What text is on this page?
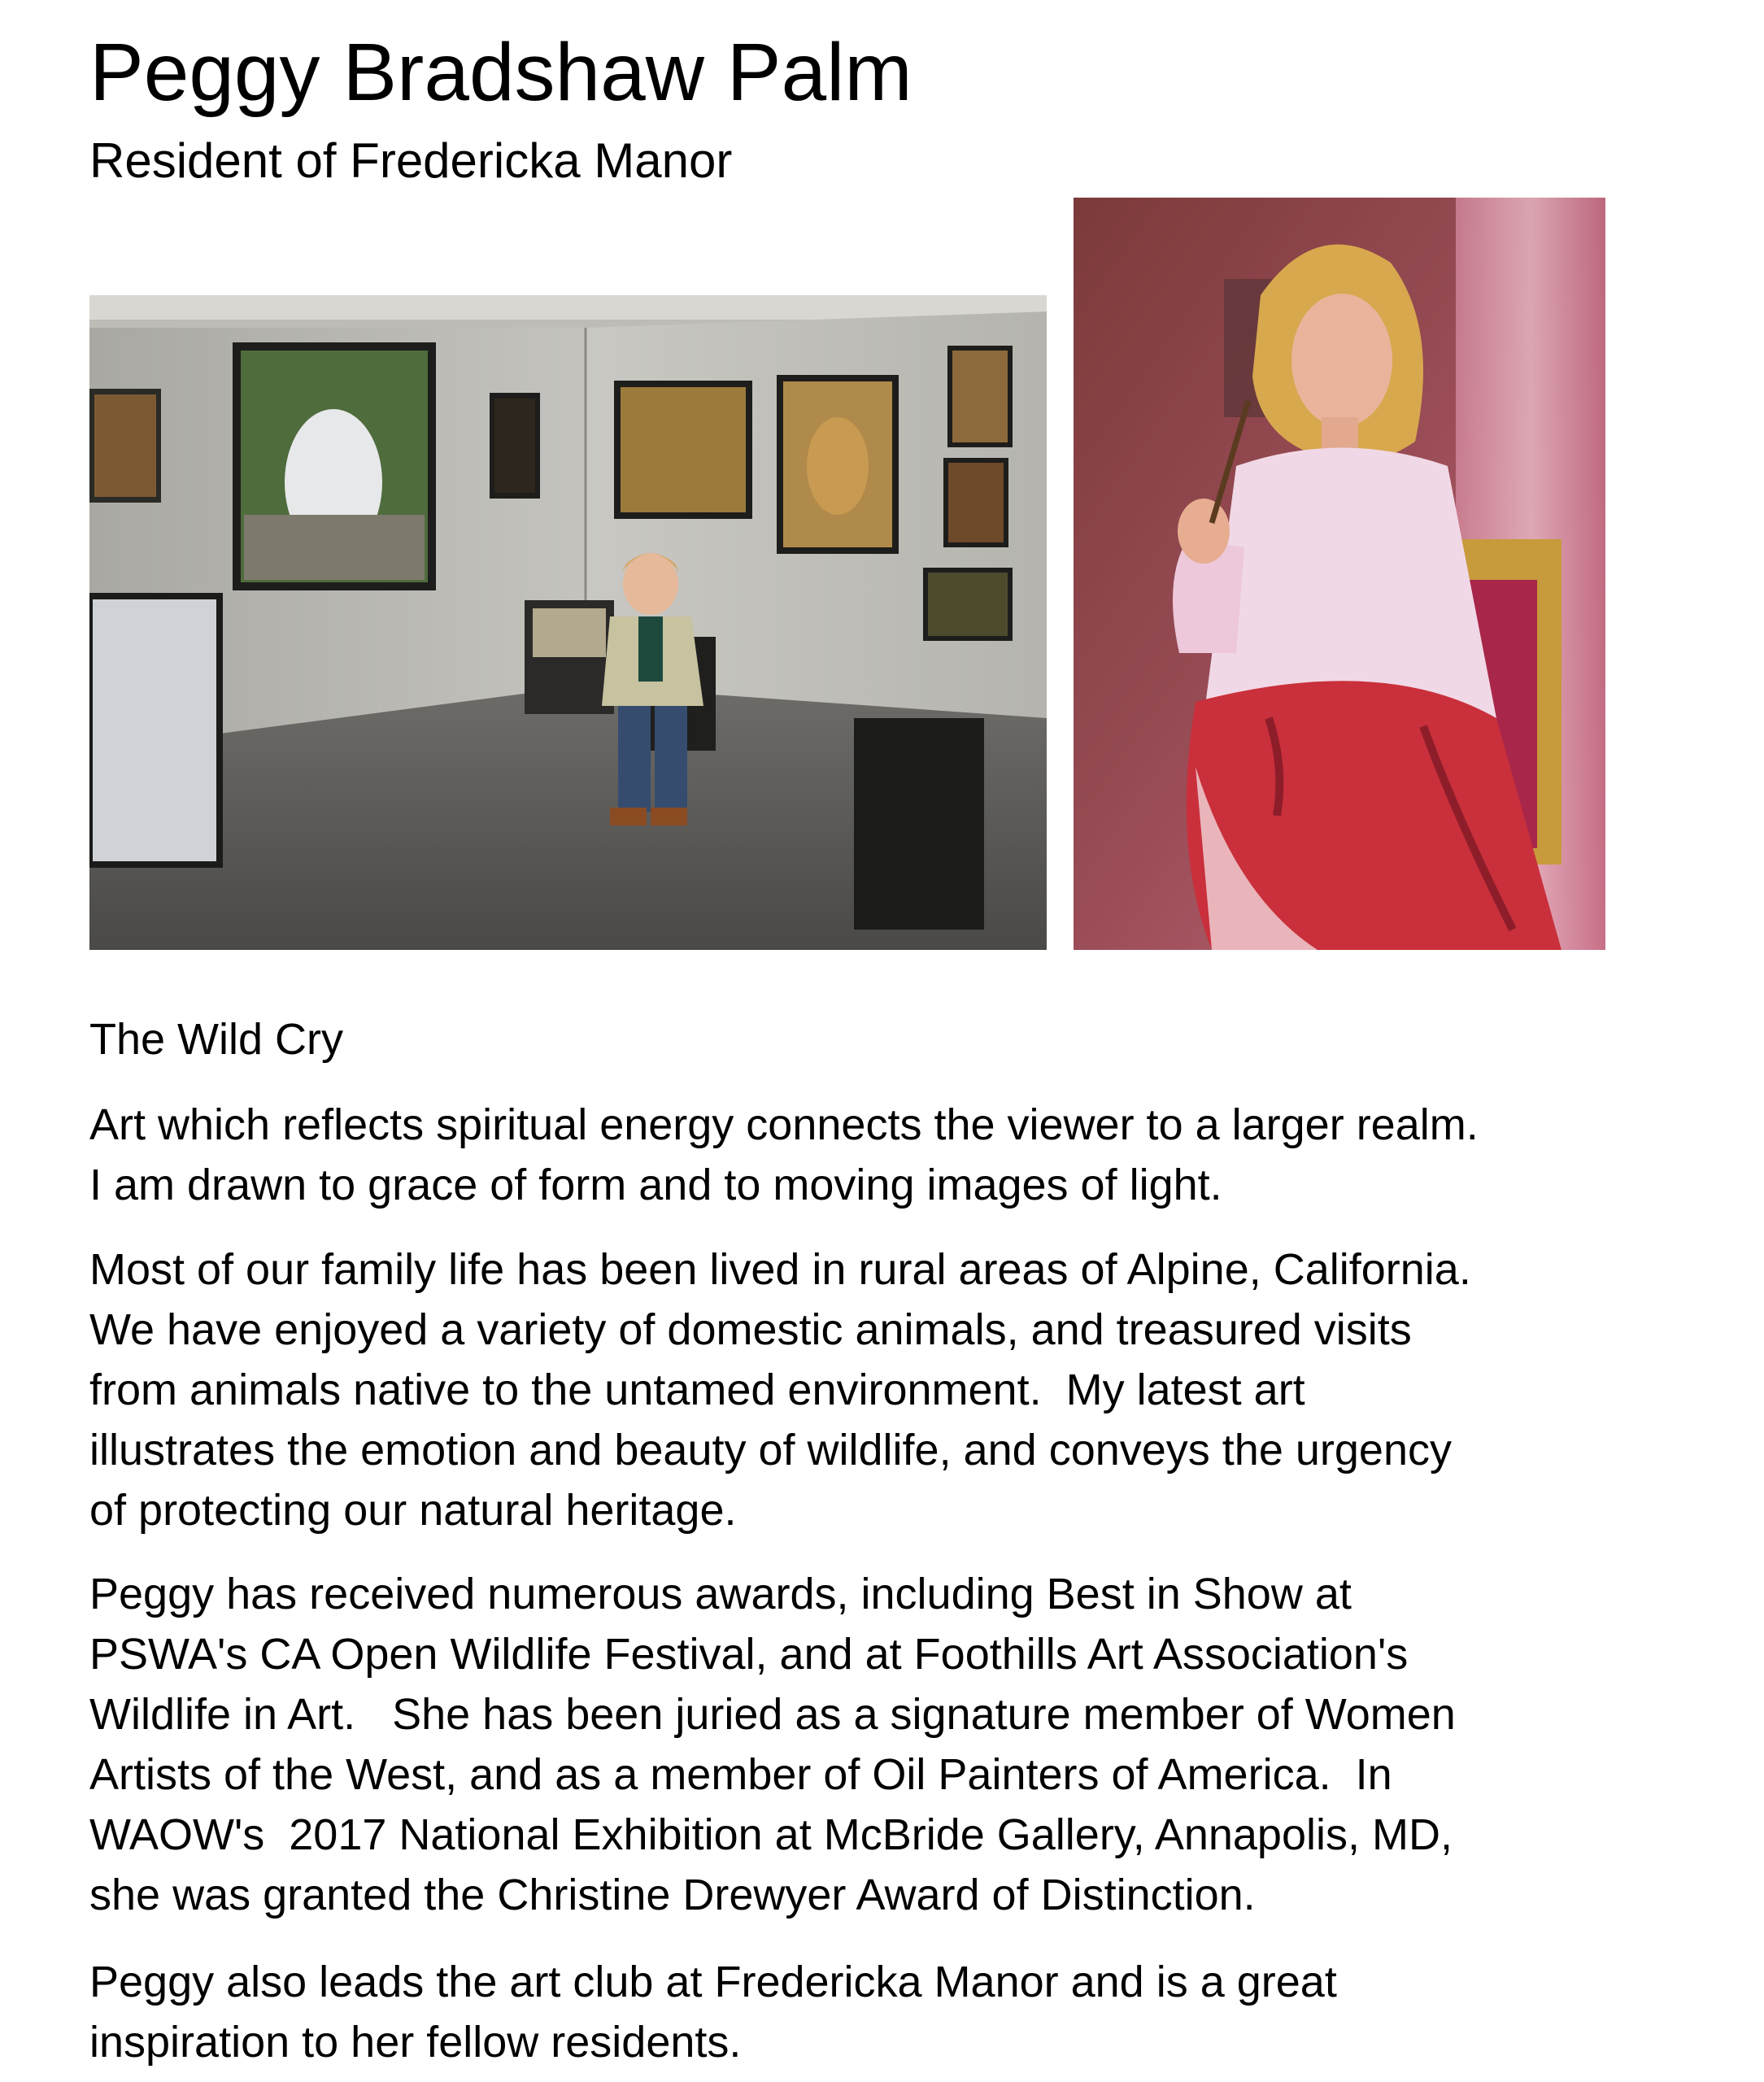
Peggy Bradshaw Palm
Resident of Fredericka Manor
The Wild Cry
Art which reflects spiritual energy connects the viewer to a larger realm.
I am drawn to grace of form and to moving images of light.
Most of our family life has been lived in rural areas of Alpine, California.
We have enjoyed a variety of domestic animals, and treasured visits
from animals native to the untamed environment.  My latest art
illustrates the emotion and beauty of wildlife, and conveys the urgency
of protecting our natural heritage.
Peggy has received numerous awards, including Best in Show at
PSWA's CA Open Wildlife Festival, and at Foothills Art Association's
Wildlife in Art.   She has been juried as a signature member of Women
Artists of the West, and as a member of Oil Painters of America.  In
WAOW's  2017 National Exhibition at McBride Gallery, Annapolis, MD,
she was granted the Christine Drewyer Award of Distinction.
Peggy also leads the art club at Fredericka Manor and is a great
inspiration to her fellow residents.
